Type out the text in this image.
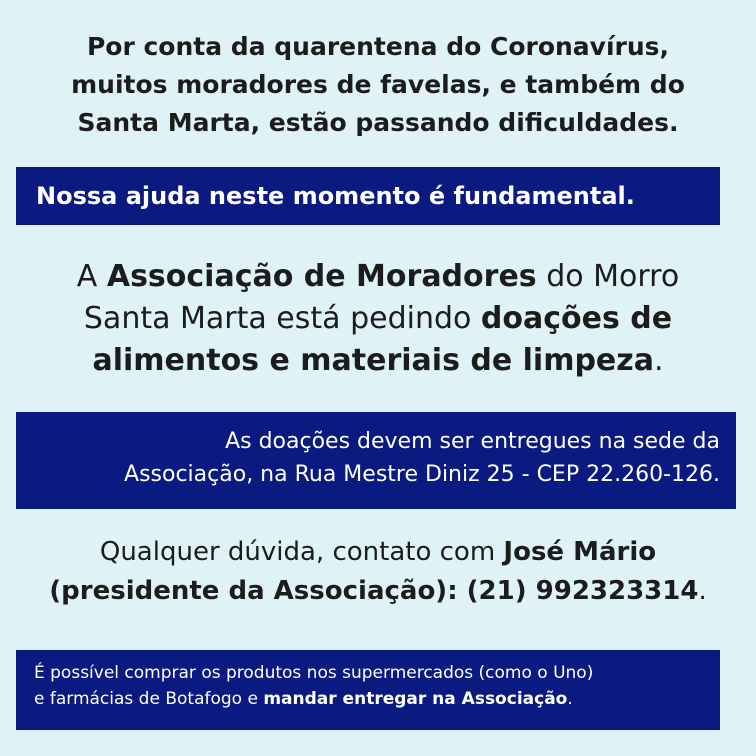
Por conta da quarentena do Coronavírus,
muitos moradores de favelas, e também do
Santa Marta, estão passando dificuldades.
Nossa ajuda neste momento é fundamental.
A Associação de Moradores do Morro
Santa Marta está pedindo doações de
alimentos e materiais de limpeza.
As doações devem ser entregues na sede da
Associação, na Rua Mestre Diniz 25 - CEP 22.260-126.
Qualquer dúvida, contato com José Mário
(presidente da Associação): (21) 992323314.
É possível comprar os produtos nos supermercados (como o Uno)
e farmácias de Botafogo e mandar entregar na Associação.
